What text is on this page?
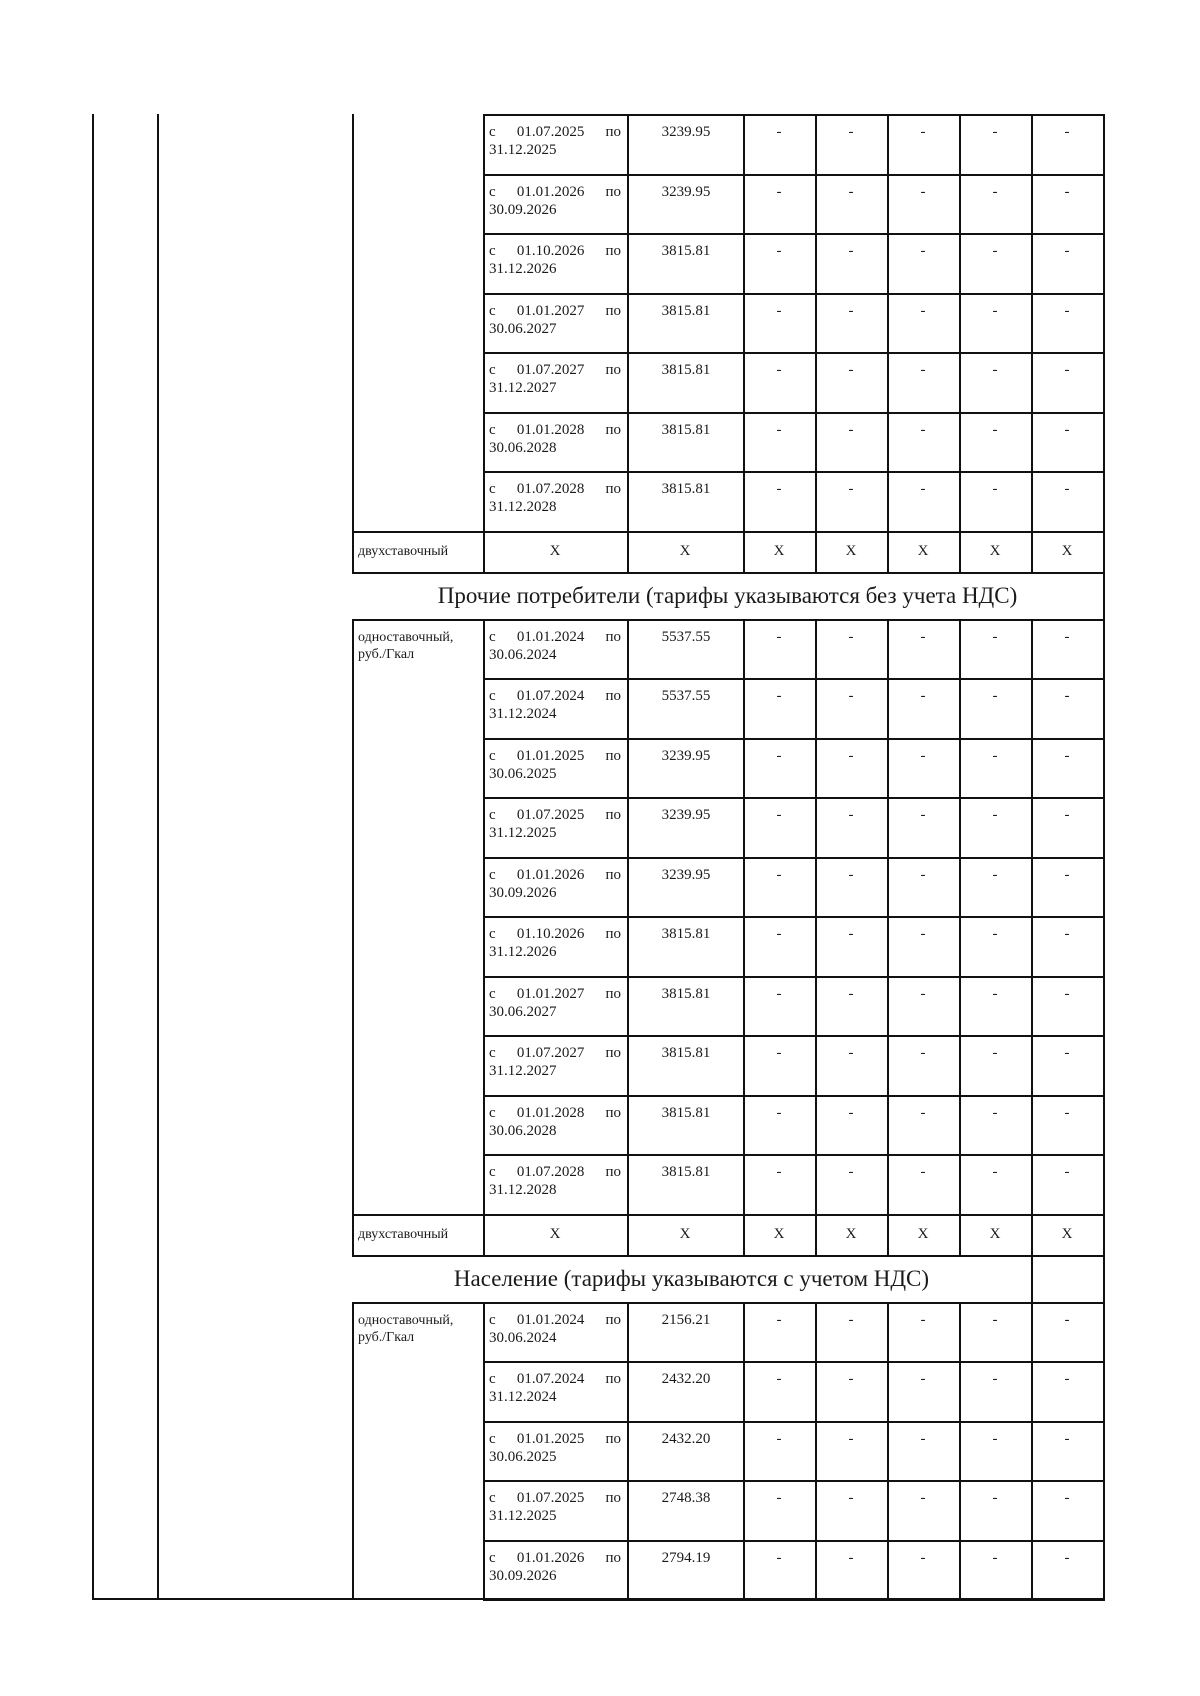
с 01.07.2025 по
31.12.2025
3239.95	-	-	-	-	-
с 01.01.2026 по
30.09.2026
3239.95	-	-	-	-	-
с 01.10.2026 по
31.12.2026
3815.81	-	-	-	-	-
с 01.01.2027 по
30.06.2027
3815.81	-	-	-	-	-
с 01.07.2027 по
31.12.2027
3815.81	-	-	-	-	-
с 01.01.2028 по
30.06.2028
3815.81	-	-	-	-	-
с 01.07.2028 по
31.12.2028
3815.81	-	-	-	-	-
двухставочный	X	X	X	X	X	X	X
Прочие потребители (тарифы указываются без учета НДС)
одноставочный, руб./Гкал
с 01.01.2024 по
30.06.2024
5537.55	-	-	-	-	-
с 01.07.2024 по
31.12.2024
5537.55	-	-	-	-	-
с 01.01.2025 по
30.06.2025
3239.95	-	-	-	-	-
с 01.07.2025 по
31.12.2025
3239.95	-	-	-	-	-
с 01.01.2026 по
30.09.2026
3239.95	-	-	-	-	-
с 01.10.2026 по
31.12.2026
3815.81	-	-	-	-	-
с 01.01.2027 по
30.06.2027
3815.81	-	-	-	-	-
с 01.07.2027 по
31.12.2027
3815.81	-	-	-	-	-
с 01.01.2028 по
30.06.2028
3815.81	-	-	-	-	-
с 01.07.2028 по
31.12.2028
3815.81	-	-	-	-	-
двухставочный	X	X	X	X	X	X	X
Население (тарифы указываются с учетом НДС)
одноставочный, руб./Гкал
с 01.01.2024 по
30.06.2024
2156.21	-	-	-	-	-
с 01.07.2024 по
31.12.2024
2432.20	-	-	-	-	-
с 01.01.2025 по
30.06.2025
2432.20	-	-	-	-	-
с 01.07.2025 по
31.12.2025
2748.38	-	-	-	-	-
с 01.01.2026 по
30.09.2026
2794.19	-	-	-	-	-
